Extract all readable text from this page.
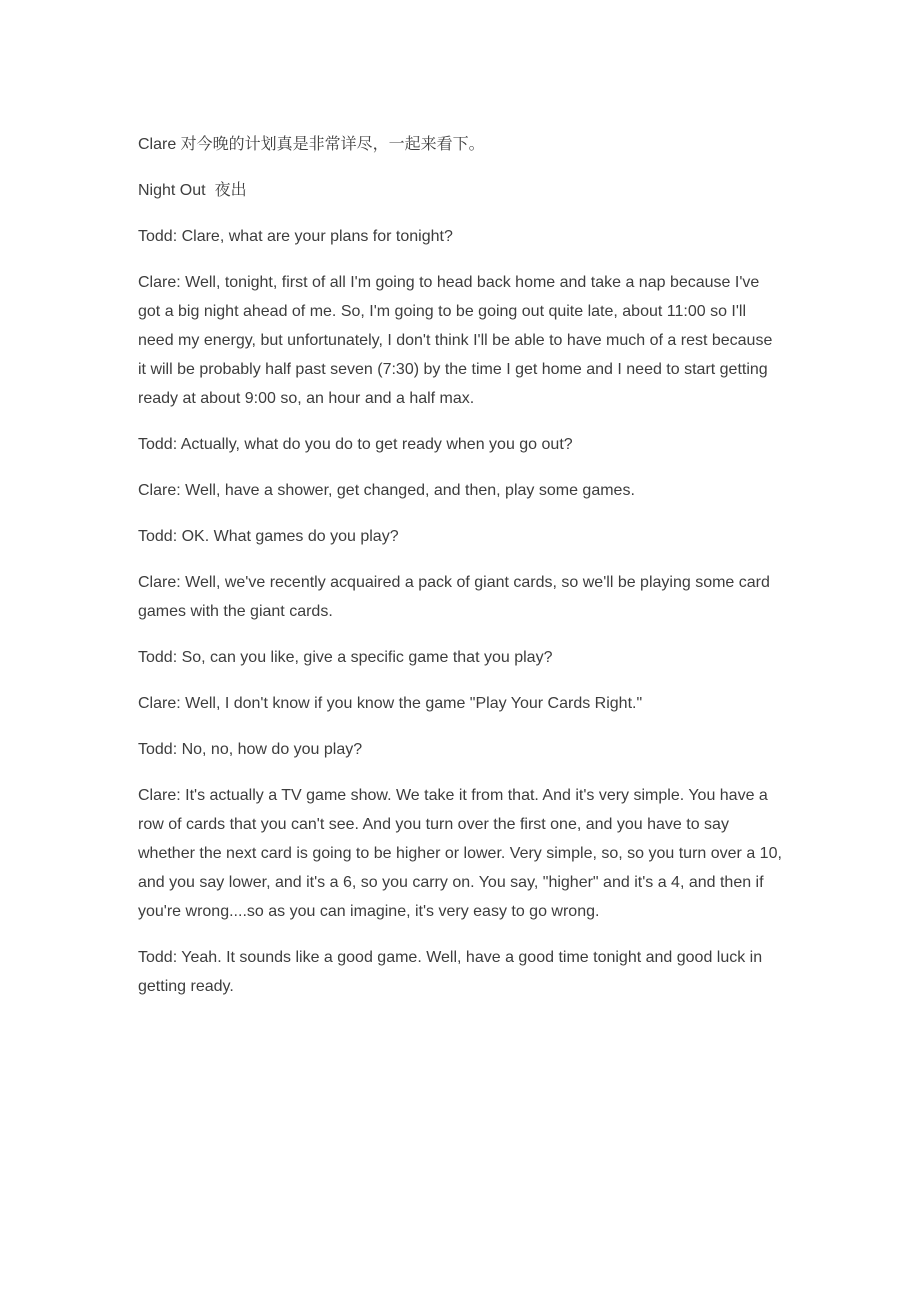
Clare 对今晚的计划真是非常详尽，一起来看下。

Night Out 夜出

Todd: Clare, what are your plans for tonight?

Clare: Well, tonight, first of all I'm going to head back home and take a nap because I've got a big night ahead of me. So, I'm going to be going out quite late, about 11:00 so I'll need my energy, but unfortunately, I don't think I'll be able to have much of a rest because it will be probably half past seven (7:30) by the time I get home and I need to start getting ready at about 9:00 so, an hour and a half max.

Todd: Actually, what do you do to get ready when you go out?

Clare: Well, have a shower, get changed, and then, play some games.

Todd: OK. What games do you play?

Clare: Well, we've recently acquaired a pack of giant cards, so we'll be playing some card games with the giant cards.

Todd: So, can you like, give a specific game that you play?

Clare: Well, I don't know if you know the game "Play Your Cards Right."

Todd: No, no, how do you play?

Clare: It's actually a TV game show. We take it from that. And it's very simple. You have a row of cards that you can't see. And you turn over the first one, and you have to say whether the next card is going to be higher or lower. Very simple, so, so you turn over a 10, and you say lower, and it's a 6, so you carry on. You say, "higher" and it's a 4, and then if you're wrong....so as you can imagine, it's very easy to go wrong.

Todd: Yeah. It sounds like a good game. Well, have a good time tonight and good luck in getting ready.
